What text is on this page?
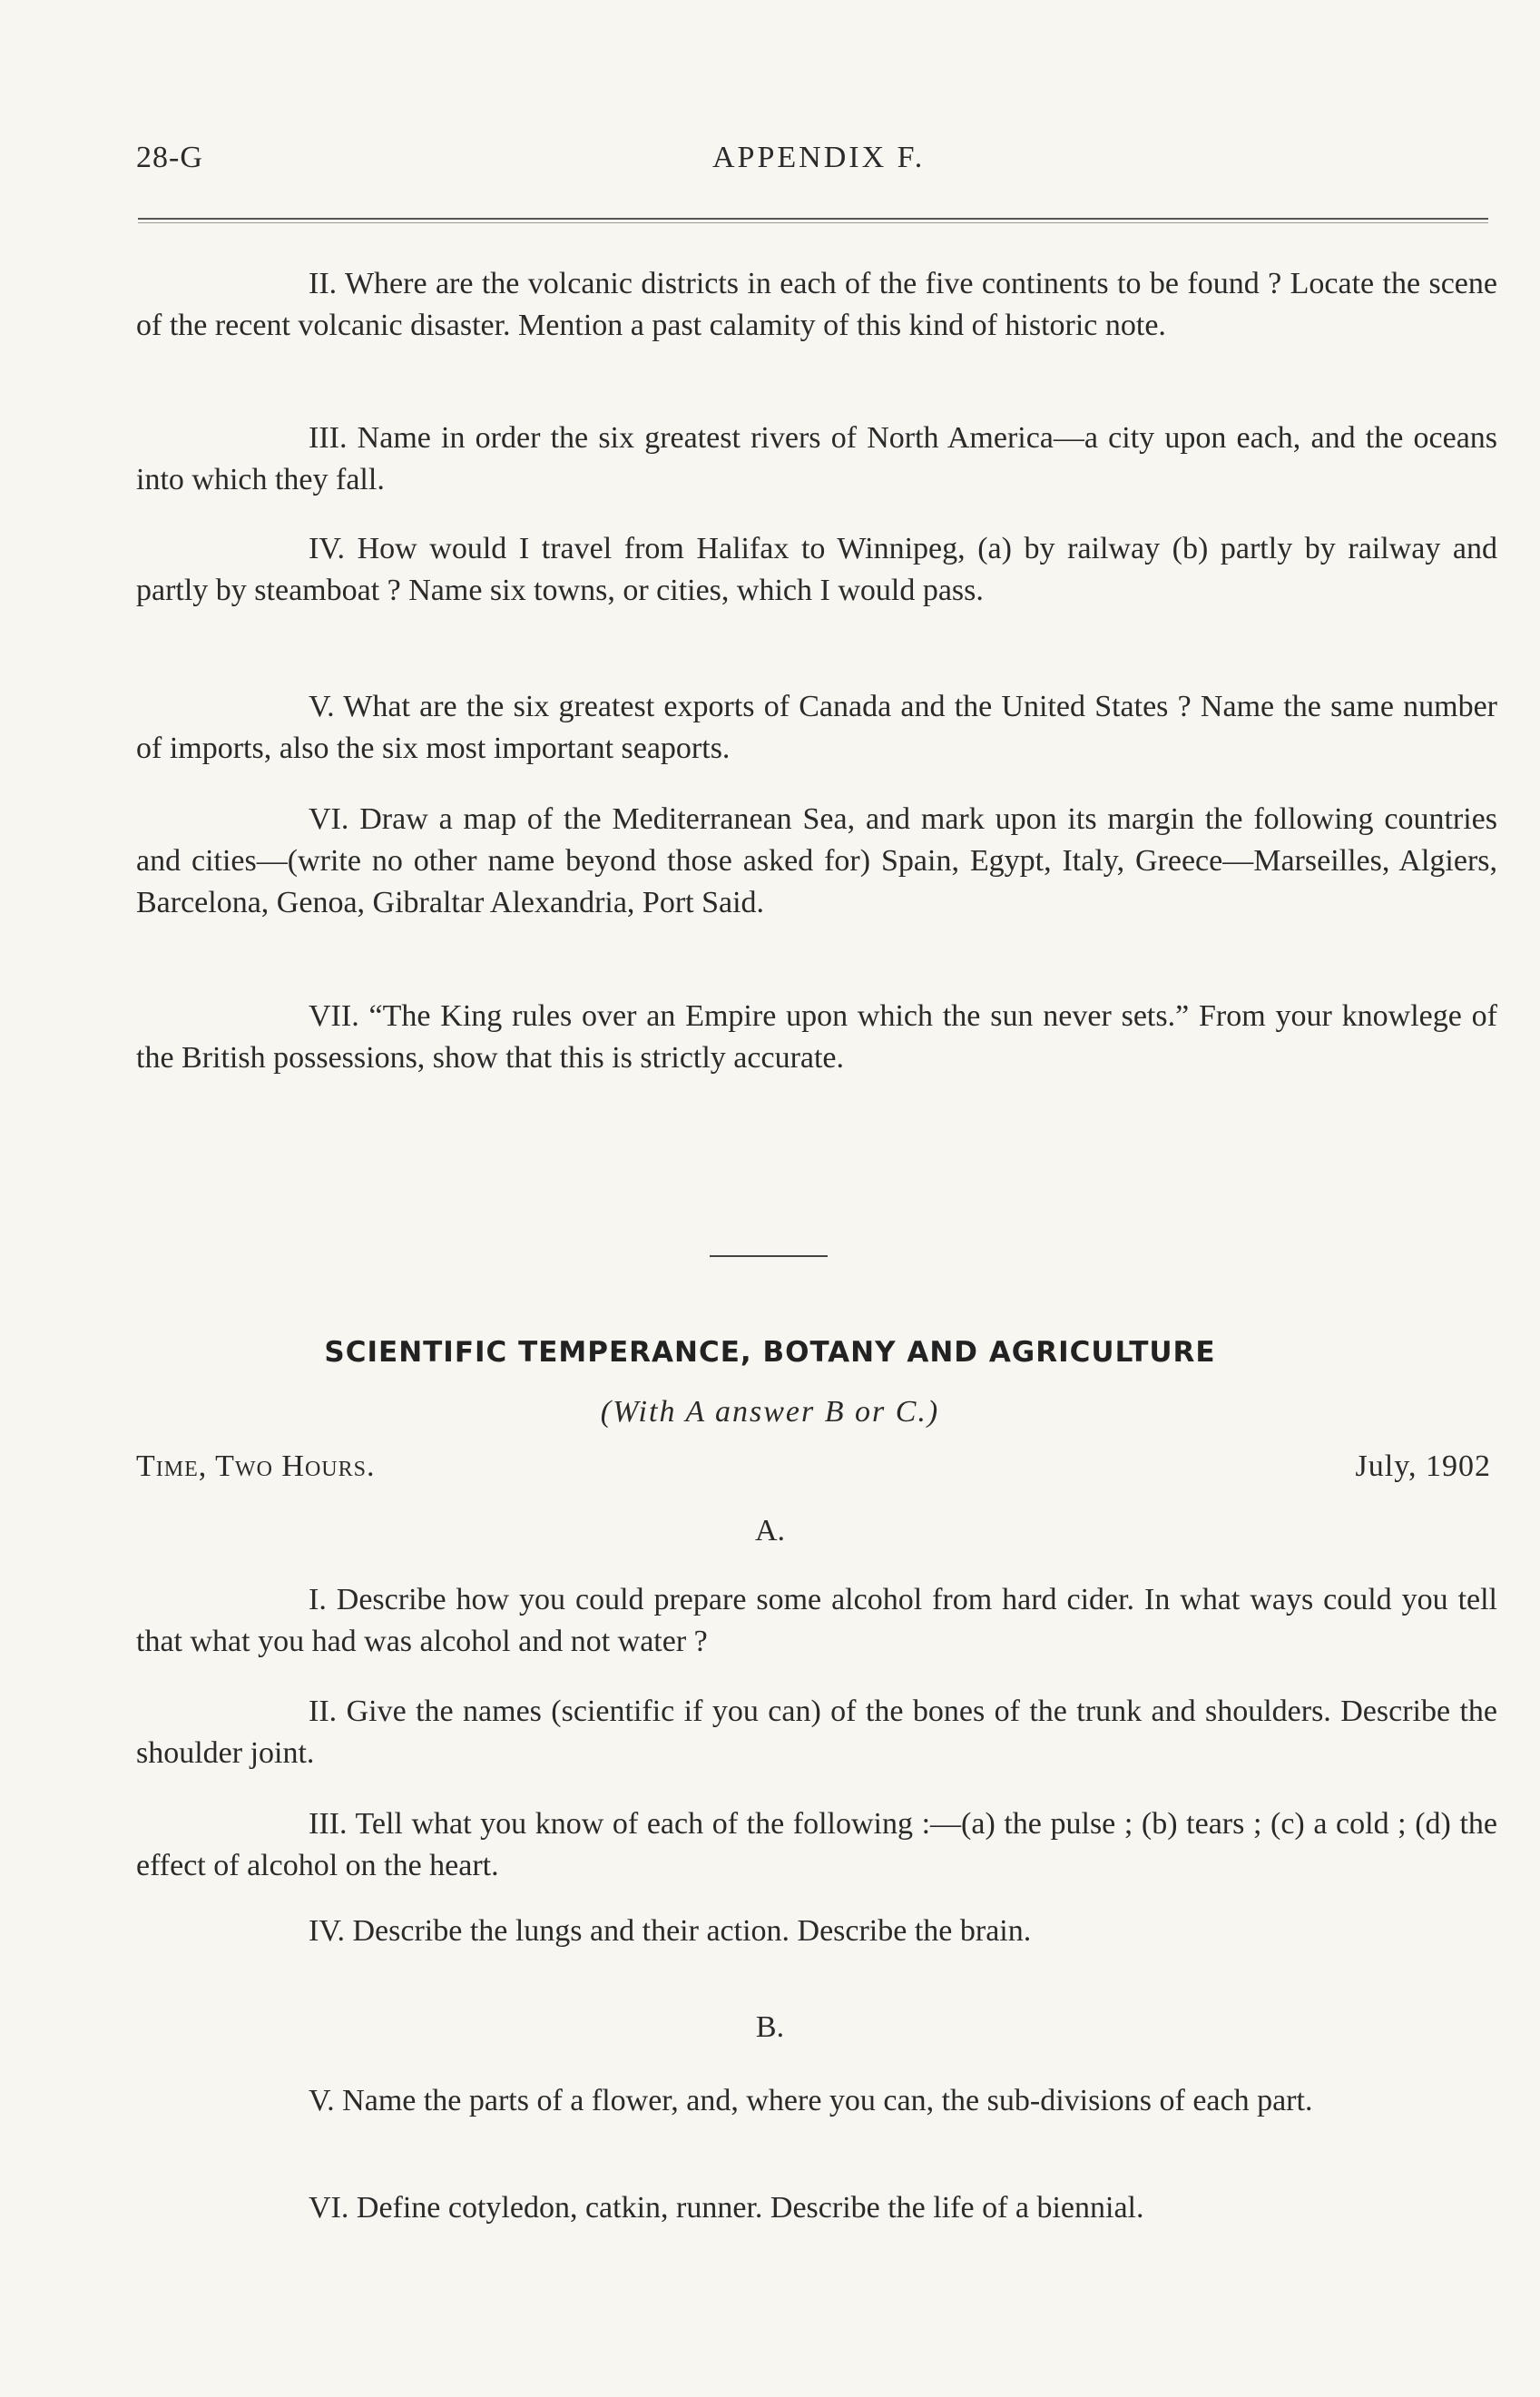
28-G	APPENDIX F.

II. Where are the volcanic districts in each of the five continents to be found ? Locate the scene of the recent volcanic disaster. Mention a past calamity of this kind of historic note.

III. Name in order the six greatest rivers of North America—a city upon each, and the oceans into which they fall.

IV. How would I travel from Halifax to Winnipeg, (a) by railway (b) partly by railway and partly by steamboat ? Name six towns, or cities, which I would pass.

V. What are the six greatest exports of Canada and the United States ? Name the same number of imports, also the six most important seaports.

VI. Draw a map of the Mediterranean Sea, and mark upon its margin the following countries and cities—(write no other name beyond those asked for) Spain, Egypt, Italy, Greece—Marseilles, Algiers, Barcelona, Genoa, Gibraltar Alexandria, Port Said.

VII. “The King rules over an Empire upon which the sun never sets.” From your knowlege of the British possessions, show that this is strictly accurate.

SCIENTIFIC TEMPERANCE, BOTANY AND AGRICULTURE
(With A answer B or C.)
Time, Two Hours.	July, 1902
A.

I. Describe how you could prepare some alcohol from hard cider. In what ways could you tell that what you had was alcohol and not water ?

II. Give the names (scientific if you can) of the bones of the trunk and shoulders. Describe the shoulder joint.

III. Tell what you know of each of the following :—(a) the pulse ; (b) tears ; (c) a cold ; (d) the effect of alcohol on the heart.

IV. Describe the lungs and their action. Describe the brain.

B.

V. Name the parts of a flower, and, where you can, the sub-divisions of each part.

VI. Define cotyledon, catkin, runner. Describe the life of a biennial.
